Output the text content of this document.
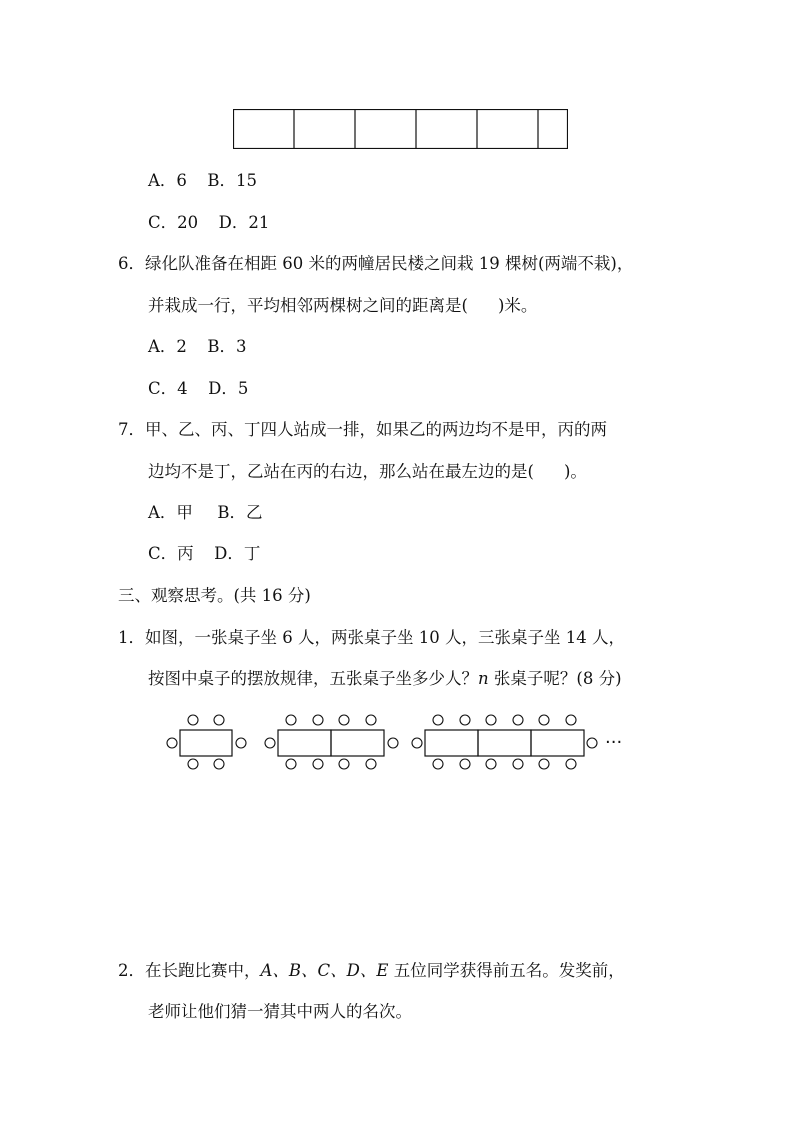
A．6 B．15
C．20 D．21
6．绿化队准备在相距 60 米的两幢居民楼之间栽 19 棵树(两端不栽)，
并栽成一行，平均相邻两棵树之间的距离是( )米。
A．2 B．3
C．4 D．5
7．甲、乙、丙、丁四人站成一排，如果乙的两边均不是甲，丙的两
边均不是丁，乙站在丙的右边，那么站在最左边的是( )。
A．甲 B．乙
C．丙 D．丁
三、观察思考。(共 16 分)
1．如图，一张桌子坐 6 人，两张桌子坐 10 人，三张桌子坐 14 人，
按图中桌子的摆放规律，五张桌子坐多少人？n 张桌子呢？(8 分)
···
2．在长跑比赛中，A、B、C、D、E 五位同学获得前五名。发奖前，
老师让他们猜一猜其中两人的名次。
